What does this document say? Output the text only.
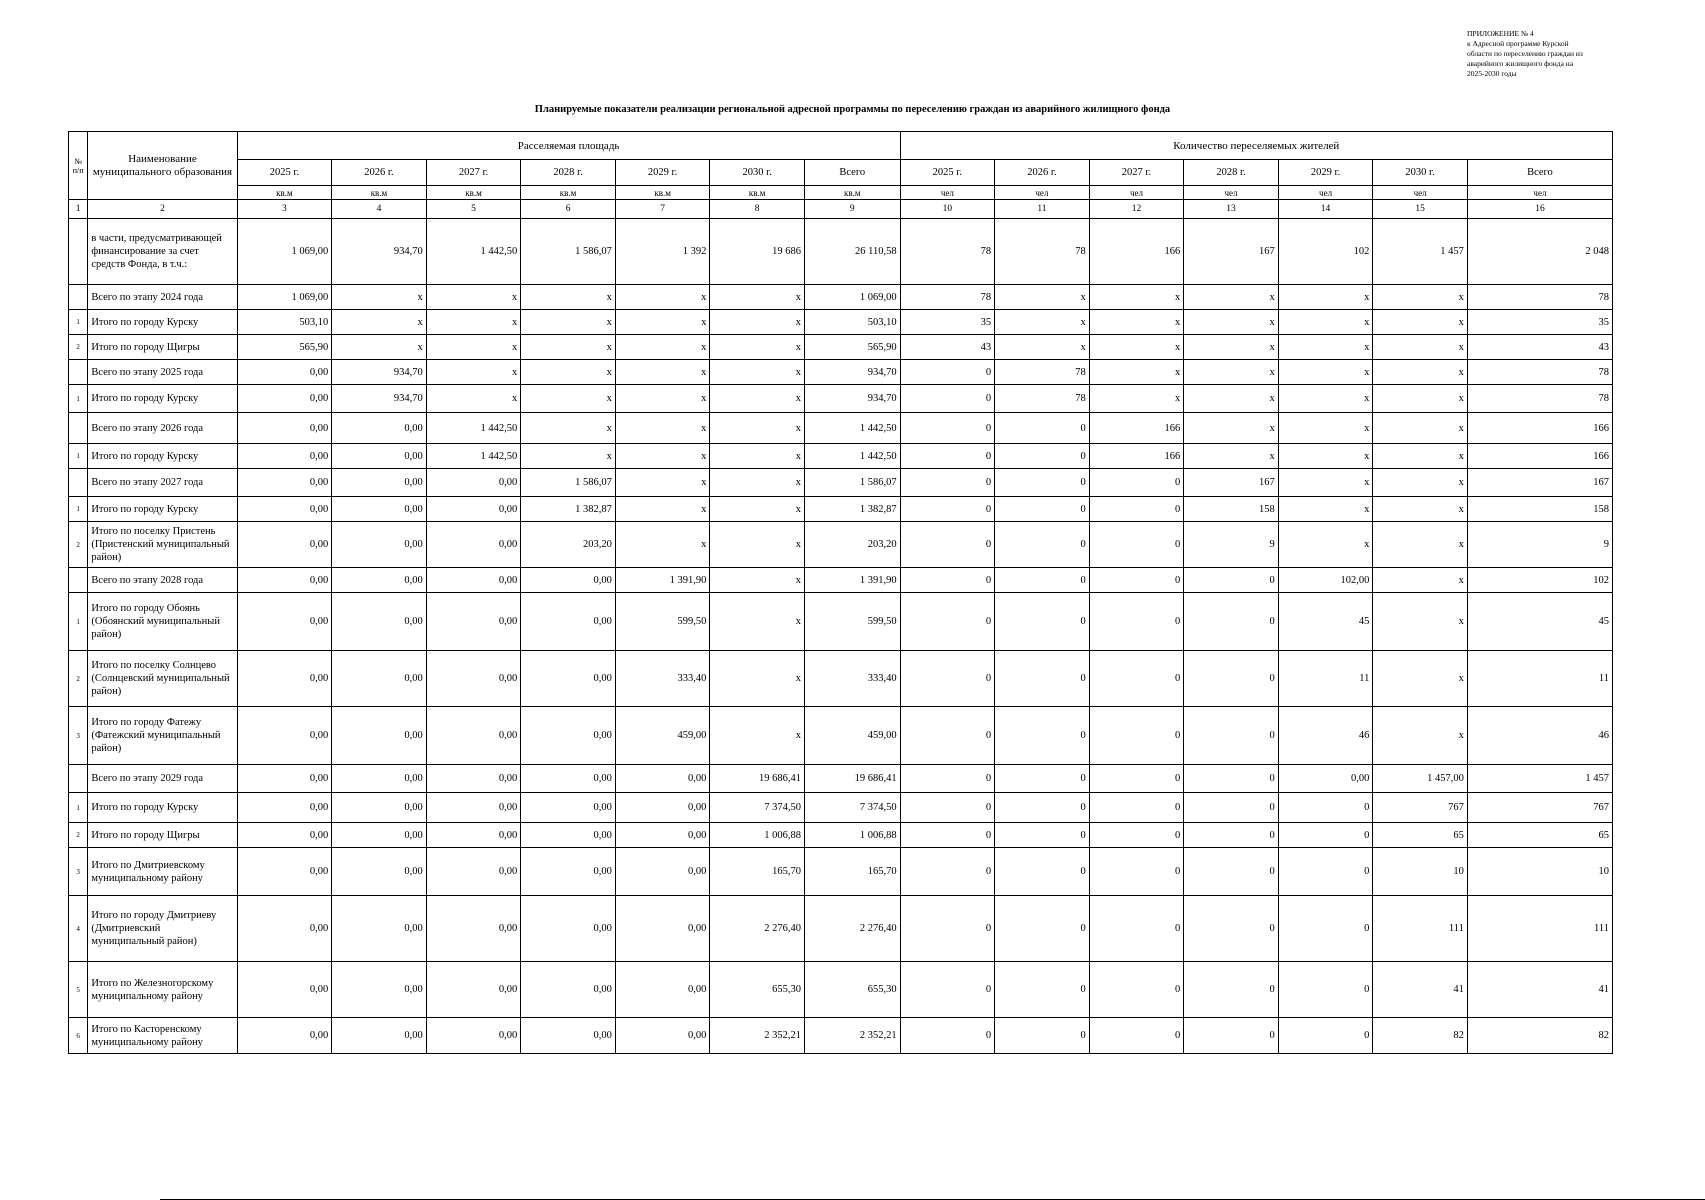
ПРИЛОЖЕНИЕ № 4
к Адресной программе Курской
области по переселению граждан из
аварийного жилищного фонда на
2025-2030 годы
Планируемые показатели реализации региональной адресной программы по переселению граждан из аварийного жилищного фонда
№ п/п	Наименование муниципального образования	Расселяемая площадь							Количество переселяемых жителей						
		2025 г.	2026 г.	2027 г.	2028 г.	2029 г.	2030 г.	Всего	2025 г.	2026 г.	2027 г.	2028 г.	2029 г.	2030 г.	Всего
		кв.м	кв.м	кв.м	кв.м	кв.м	кв.м	кв.м	чел	чел	чел	чел	чел	чел	чел
1	2	3	4	5	6	7	8	9	10	11	12	13	14	15	16
	в части, предусматривающей финансирование за счет средств Фонда, в т.ч.:	1 069,00	934,70	1 442,50	1 586,07	1 392	19 686	26 110,58	78	78	166	167	102	1 457	2 048
	Всего по этапу 2024 года	1 069,00	x	x	x	x	x	1 069,00	78	x	x	x	x	x	78
1	Итого по городу Курску	503,10	x	x	x	x	x	503,10	35	x	x	x	x	x	35
2	Итого по городу Щигры	565,90	x	x	x	x	x	565,90	43	x	x	x	x	x	43
	Всего по этапу 2025 года	0,00	934,70	x	x	x	x	934,70	0	78	x	x	x	x	78
1	Итого по городу Курску	0,00	934,70	x	x	x	x	934,70	0	78	x	x	x	x	78
	Всего по этапу 2026 года	0,00	0,00	1 442,50	x	x	x	1 442,50	0	0	166	x	x	x	166
1	Итого по городу Курску	0,00	0,00	1 442,50	x	x	x	1 442,50	0	0	166	x	x	x	166
	Всего по этапу 2027 года	0,00	0,00	0,00	1 586,07	x	x	1 586,07	0	0	0	167	x	x	167
1	Итого по городу Курску	0,00	0,00	0,00	1 382,87	x	x	1 382,87	0	0	0	158	x	x	158
2	Итого по поселку Пристень (Пристенский муниципальный район)	0,00	0,00	0,00	203,20	x	x	203,20	0	0	0	9	x	x	9
	Всего по этапу 2028 года	0,00	0,00	0,00	0,00	1 391,90	x	1 391,90	0	0	0	0	102,00	x	102
1	Итого по городу Обоянь (Обоянский муниципальный район)	0,00	0,00	0,00	0,00	599,50	x	599,50	0	0	0	0	45	x	45
2	Итого по поселку Солнцево (Солнцевский муниципальный район)	0,00	0,00	0,00	0,00	333,40	x	333,40	0	0	0	0	11	x	11
3	Итого по городу Фатежу (Фатежский муниципальный район)	0,00	0,00	0,00	0,00	459,00	x	459,00	0	0	0	0	46	x	46
	Всего по этапу 2029 года	0,00	0,00	0,00	0,00	0,00	19 686,41	19 686,41	0	0	0	0	0,00	1 457,00	1 457
1	Итого по городу Курску	0,00	0,00	0,00	0,00	0,00	7 374,50	7 374,50	0	0	0	0	0	767	767
2	Итого по городу Щигры	0,00	0,00	0,00	0,00	0,00	1 006,88	1 006,88	0	0	0	0	0	65	65
3	Итого по Дмитриевскому муниципальному району	0,00	0,00	0,00	0,00	0,00	165,70	165,70	0	0	0	0	0	10	10
4	Итого по городу Дмитриеву (Дмитриевский муниципальный район)	0,00	0,00	0,00	0,00	0,00	2 276,40	2 276,40	0	0	0	0	0	111	111
5	Итого по Железногорскому муниципальному району	0,00	0,00	0,00	0,00	0,00	655,30	655,30	0	0	0	0	0	41	41
6	Итого по Касторенскому муниципальному району	0,00	0,00	0,00	0,00	0,00	2 352,21	2 352,21	0	0	0	0	0	82	82
